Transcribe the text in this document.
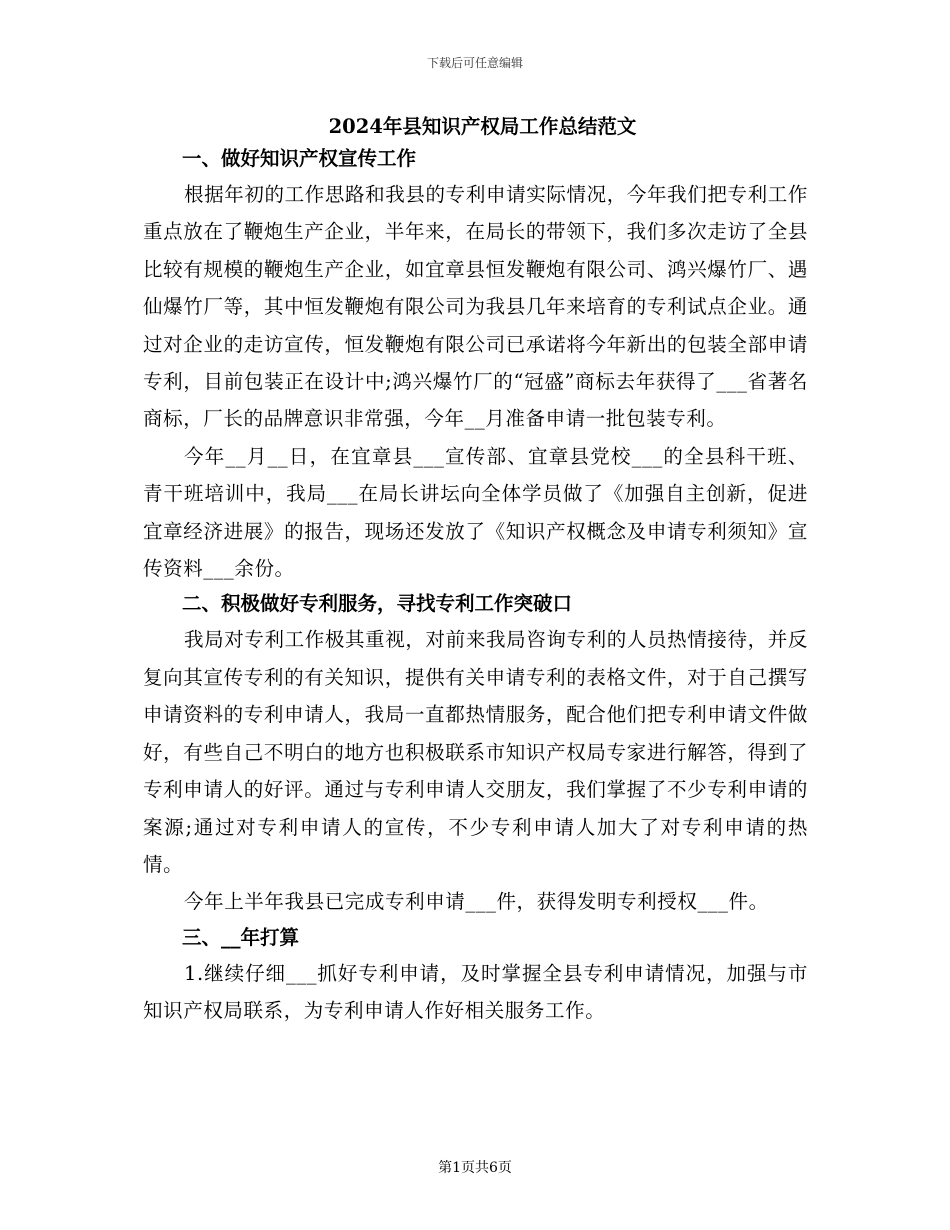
下载后可任意编辑
2024年县知识产权局工作总结范文
一、做好知识产权宣传工作

根据年初的工作思路和我县的专利申请实际情况，今年我们把专利工作重点放在了鞭炮生产企业，半年来，在局长的带领下，我们多次走访了全县比较有规模的鞭炮生产企业，如宜章县恒发鞭炮有限公司、鸿兴爆竹厂、遇仙爆竹厂等，其中恒发鞭炮有限公司为我县几年来培育的专利试点企业。通过对企业的走访宣传，恒发鞭炮有限公司已承诺将今年新出的包装全部申请专利，目前包装正在设计中;鸿兴爆竹厂的“冠盛”商标去年获得了___省著名商标，厂长的品牌意识非常强，今年__月准备申请一批包装专利。

今年__月__日，在宜章县___宣传部、宜章县党校___的全县科干班、青干班培训中，我局___在局长讲坛向全体学员做了《加强自主创新，促进宜章经济进展》的报告，现场还发放了《知识产权概念及申请专利须知》宣传资料___余份。

二、积极做好专利服务，寻找专利工作突破口

我局对专利工作极其重视，对前来我局咨询专利的人员热情接待，并反复向其宣传专利的有关知识，提供有关申请专利的表格文件，对于自己撰写申请资料的专利申请人，我局一直都热情服务，配合他们把专利申请文件做好，有些自己不明白的地方也积极联系市知识产权局专家进行解答，得到了专利申请人的好评。通过与专利申请人交朋友，我们掌握了不少专利申请的案源;通过对专利申请人的宣传，不少专利申请人加大了对专利申请的热情。

今年上半年我县已完成专利申请___件，获得发明专利授权___件。

三、__年打算

1.继续仔细___抓好专利申请，及时掌握全县专利申请情况，加强与市知识产权局联系，为专利申请人作好相关服务工作。

第1页共6页
